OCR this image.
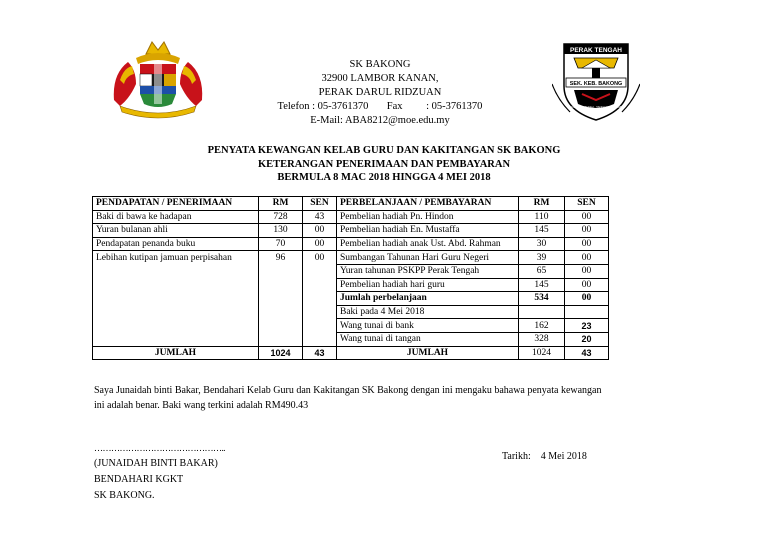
PERAK TENGAH
SEK. KEB. BAKONG
JUJUR · AMANAH · TANGGUNGJAWAB
SK BAKONG
32900 LAMBOR KANAN,
PERAK DARUL RIDZUAN
Telefon : 05-3761370 Fax : 05-3761370
E-Mail: ABA8212@moe.edu.my
PENYATA KEWANGAN KELAB GURU DAN KAKITANGAN SK BAKONG
KETERANGAN PENERIMAAN DAN PEMBAYARAN
BERMULA 8 MAC 2018 HINGGA 4 MEI 2018
PENDAPATAN / PENERIMAAN	RM	SEN	PERBELANJAAN / PEMBAYARAN	RM	SEN
Baki di bawa ke hadapan	728	43	Pembelian hadiah Pn. Hindon	110	00
Yuran bulanan ahli	130	00	Pembelian hadiah En. Mustaffa	145	00
Pendapatan penanda buku	70	00	Pembelian hadiah anak Ust. Abd. Rahman	30	00
Lebihan kutipan jamuan perpisahan	96	00	Sumbangan Tahunan Hari Guru Negeri	39	00
			Yuran tahunan PSKPP Perak Tengah	65	00
			Pembelian hadiah hari guru	145	00
			Jumlah perbelanjaan	534	00
			Baki pada 4 Mei 2018		
			Wang tunai di bank	162	23
			Wang tunai di tangan	328	20
JUMLAH	1024	43	JUMLAH	1024	43
Saya Junaidah binti Bakar, Bendahari Kelab Guru dan Kakitangan SK Bakong dengan ini mengaku bahawa penyata kewangan
ini adalah benar. Baki wang terkini adalah RM490.43
………………………………………..
(JUNAIDAH BINTI BAKAR)
BENDAHARI KGKT
SK BAKONG.
Tarikh: 4 Mei 2018
